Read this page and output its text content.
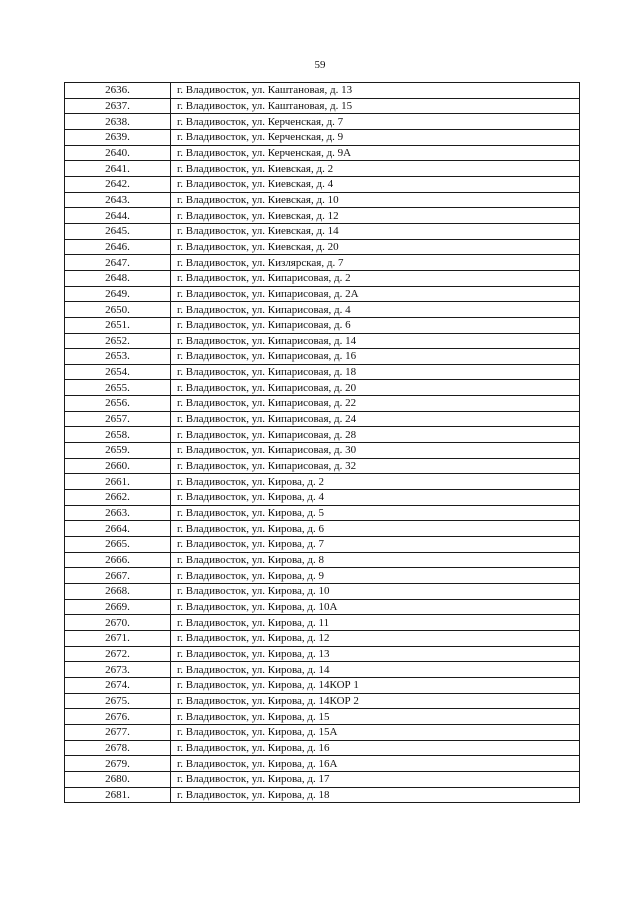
59
2636.	г. Владивосток, ул. Каштановая, д. 13
2637.	г. Владивосток, ул. Каштановая, д. 15
2638.	г. Владивосток, ул. Керченская, д. 7
2639.	г. Владивосток, ул. Керченская, д. 9
2640.	г. Владивосток, ул. Керченская, д. 9А
2641.	г. Владивосток, ул. Киевская, д. 2
2642.	г. Владивосток, ул. Киевская, д. 4
2643.	г. Владивосток, ул. Киевская, д. 10
2644.	г. Владивосток, ул. Киевская, д. 12
2645.	г. Владивосток, ул. Киевская, д. 14
2646.	г. Владивосток, ул. Киевская, д. 20
2647.	г. Владивосток, ул. Кизлярская, д. 7
2648.	г. Владивосток, ул. Кипарисовая, д. 2
2649.	г. Владивосток, ул. Кипарисовая, д. 2А
2650.	г. Владивосток, ул. Кипарисовая, д. 4
2651.	г. Владивосток, ул. Кипарисовая, д. 6
2652.	г. Владивосток, ул. Кипарисовая, д. 14
2653.	г. Владивосток, ул. Кипарисовая, д. 16
2654.	г. Владивосток, ул. Кипарисовая, д. 18
2655.	г. Владивосток, ул. Кипарисовая, д. 20
2656.	г. Владивосток, ул. Кипарисовая, д. 22
2657.	г. Владивосток, ул. Кипарисовая, д. 24
2658.	г. Владивосток, ул. Кипарисовая, д. 28
2659.	г. Владивосток, ул. Кипарисовая, д. 30
2660.	г. Владивосток, ул. Кипарисовая, д. 32
2661.	г. Владивосток, ул. Кирова, д. 2
2662.	г. Владивосток, ул. Кирова, д. 4
2663.	г. Владивосток, ул. Кирова, д. 5
2664.	г. Владивосток, ул. Кирова, д. 6
2665.	г. Владивосток, ул. Кирова, д. 7
2666.	г. Владивосток, ул. Кирова, д. 8
2667.	г. Владивосток, ул. Кирова, д. 9
2668.	г. Владивосток, ул. Кирова, д. 10
2669.	г. Владивосток, ул. Кирова, д. 10А
2670.	г. Владивосток, ул. Кирова, д. 11
2671.	г. Владивосток, ул. Кирова, д. 12
2672.	г. Владивосток, ул. Кирова, д. 13
2673.	г. Владивосток, ул. Кирова, д. 14
2674.	г. Владивосток, ул. Кирова, д. 14КОР 1
2675.	г. Владивосток, ул. Кирова, д. 14КОР 2
2676.	г. Владивосток, ул. Кирова, д. 15
2677.	г. Владивосток, ул. Кирова, д. 15А
2678.	г. Владивосток, ул. Кирова, д. 16
2679.	г. Владивосток, ул. Кирова, д. 16А
2680.	г. Владивосток, ул. Кирова, д. 17
2681.	г. Владивосток, ул. Кирова, д. 18
